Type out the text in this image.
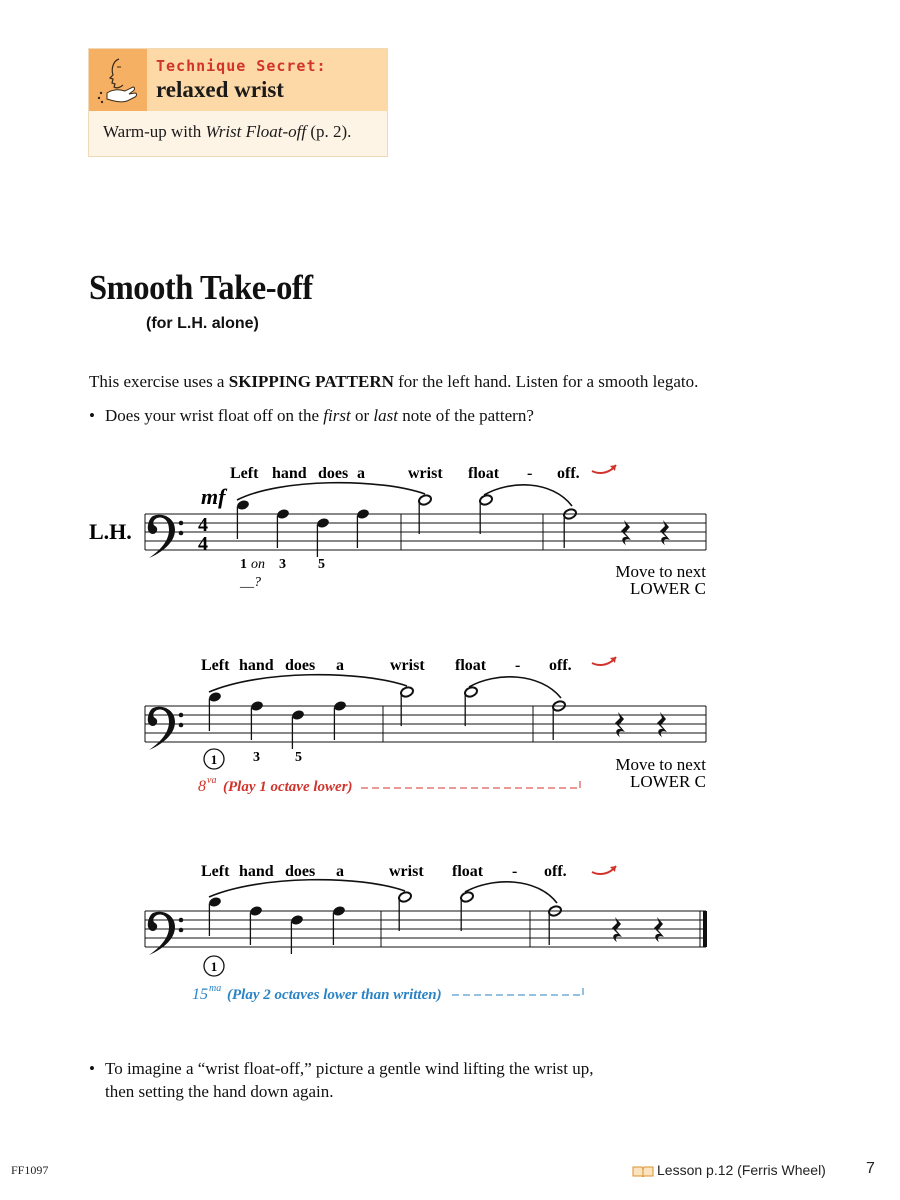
Technique Secret:
relaxed wrist
Warm-up with Wrist Float-off (p. 2).
Smooth Take-off
(for L.H. alone)
This exercise uses a SKIPPING PATTERN for the left hand. Listen for a smooth legato.
• Does your wrist float off on the first or last note of the pattern?
4
4
mf
1 on 3 5
__?
Left hand does a	wrist float - off.
Move to next
LOWER C
1	3	5
Left hand does a	wrist float - off.
Move to next
LOWER C
8 va (Play 1 octave lower)
1
Left hand does a	wrist float - off.
15 ma (Play 2 octaves lower than written)
L.H.
• To imagine a “wrist float-off,” picture a gentle wind lifting the wrist up,
then setting the hand down again.
FF1097	Lesson p.12 (Ferris Wheel)	7
